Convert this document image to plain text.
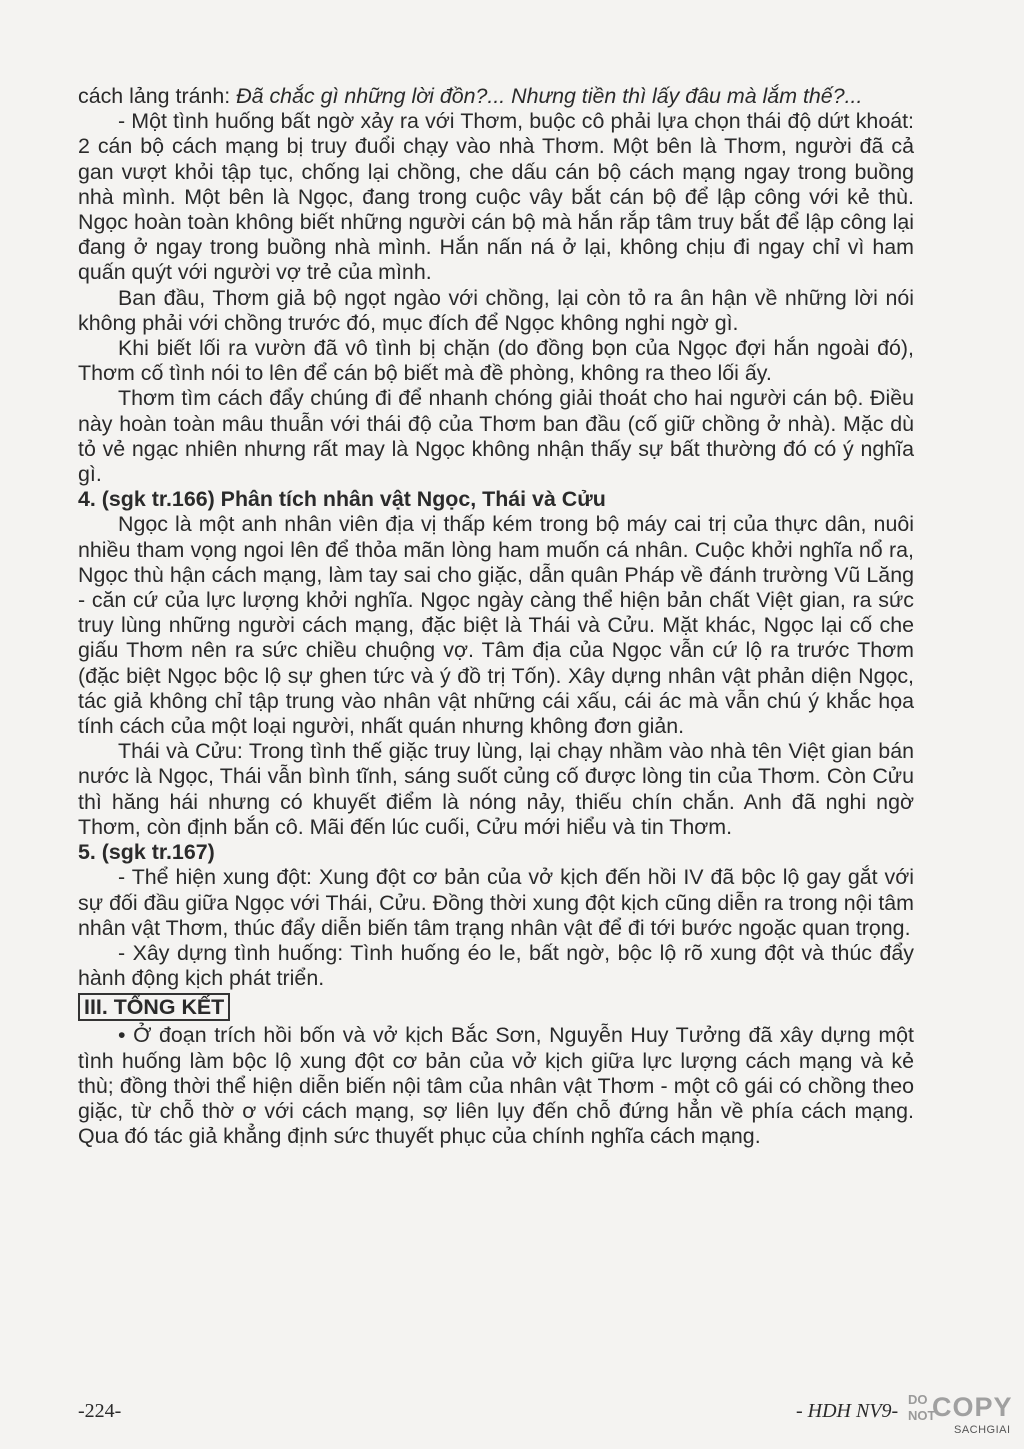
cách lảng tránh: Đã chắc gì những lời đồn?... Nhưng tiền thì lấy đâu mà lắm thế?...

- Một tình huống bất ngờ xảy ra với Thơm, buộc cô phải lựa chọn thái độ dứt khoát: 2 cán bộ cách mạng bị truy đuổi chạy vào nhà Thơm. Một bên là Thơm, người đã cả gan vượt khỏi tập tục, chống lại chồng, che dấu cán bộ cách mạng ngay trong buồng nhà mình. Một bên là Ngọc, đang trong cuộc vây bắt cán bộ để lập công với kẻ thù. Ngọc hoàn toàn không biết những người cán bộ mà hắn rắp tâm truy bắt để lập công lại đang ở ngay trong buồng nhà mình. Hắn nấn ná ở lại, không chịu đi ngay chỉ vì ham quấn quýt với người vợ trẻ của mình.

Ban đầu, Thơm giả bộ ngọt ngào với chồng, lại còn tỏ ra ân hận về những lời nói không phải với chồng trước đó, mục đích để Ngọc không nghi ngờ gì.

Khi biết lối ra vườn đã vô tình bị chặn (do đồng bọn của Ngọc đợi hắn ngoài đó), Thơm cố tình nói to lên để cán bộ biết mà đề phòng, không ra theo lối ấy.

Thơm tìm cách đẩy chúng đi để nhanh chóng giải thoát cho hai người cán bộ. Điều này hoàn toàn mâu thuẫn với thái độ của Thơm ban đầu (cố giữ chồng ở nhà). Mặc dù tỏ vẻ ngạc nhiên nhưng rất may là Ngọc không nhận thấy sự bất thường đó có ý nghĩa gì.

4. (sgk tr.166) Phân tích nhân vật Ngọc, Thái và Cửu

Ngọc là một anh nhân viên địa vị thấp kém trong bộ máy cai trị của thực dân, nuôi nhiều tham vọng ngoi lên để thỏa mãn lòng ham muốn cá nhân. Cuộc khởi nghĩa nổ ra, Ngọc thù hận cách mạng, làm tay sai cho giặc, dẫn quân Pháp về đánh trường Vũ Lăng - căn cứ của lực lượng khởi nghĩa. Ngọc ngày càng thể hiện bản chất Việt gian, ra sức truy lùng những người cách mạng, đặc biệt là Thái và Cửu. Mặt khác, Ngọc lại cố che giấu Thơm nên ra sức chiều chuộng vợ. Tâm địa của Ngọc vẫn cứ lộ ra trước Thơm (đặc biệt Ngọc bộc lộ sự ghen tức và ý đồ trị Tốn). Xây dựng nhân vật phản diện Ngọc, tác giả không chỉ tập trung vào nhân vật những cái xấu, cái ác mà vẫn chú ý khắc họa tính cách của một loại người, nhất quán nhưng không đơn giản.

Thái và Cửu: Trong tình thế giặc truy lùng, lại chạy nhầm vào nhà tên Việt gian bán nước là Ngọc, Thái vẫn bình tĩnh, sáng suốt củng cố được lòng tin của Thơm. Còn Cửu thì hăng hái nhưng có khuyết điểm là nóng nảy, thiếu chín chắn. Anh đã nghi ngờ Thơm, còn định bắn cô. Mãi đến lúc cuối, Cửu mới hiểu và tin Thơm.

5. (sgk tr.167)

- Thể hiện xung đột: Xung đột cơ bản của vở kịch đến hồi IV đã bộc lộ gay gắt với sự đối đầu giữa Ngọc với Thái, Cửu. Đồng thời xung đột kịch cũng diễn ra trong nội tâm nhân vật Thơm, thúc đẩy diễn biến tâm trạng nhân vật để đi tới bước ngoặc quan trọng.

- Xây dựng tình huống: Tình huống éo le, bất ngờ, bộc lộ rõ xung đột và thúc đẩy hành động kịch phát triển.

III. TỔNG KẾT

• Ở đoạn trích hồi bốn và vở kịch Bắc Sơn, Nguyễn Huy Tưởng đã xây dựng một tình huống làm bộc lộ xung đột cơ bản của vở kịch giữa lực lượng cách mạng và kẻ thù; đồng thời thể hiện diễn biến nội tâm của nhân vật Thơm - một cô gái có chồng theo giặc, từ chỗ thờ ơ với cách mạng, sợ liên lụy đến chỗ đứng hẳn về phía cách mạng. Qua đó tác giả khẳng định sức thuyết phục của chính nghĩa cách mạng.

-224-	- HDH NV9-
DO
NOT
COPY
SACHGIAI
